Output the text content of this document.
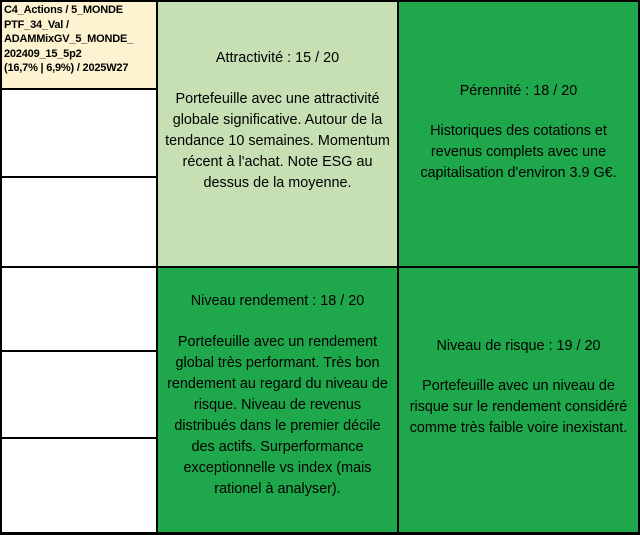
C4_Actions / 5_MONDE
PTF_34_Val /
ADAMMixGV_5_MONDE_
202409_15_5p2
(16,7% | 6,9%) / 2025W27

Attractivité : 15 / 20

Portefeuille avec une attractivité globale significative. Autour de la tendance 10 semaines. Momentum récent à l'achat. Note ESG au dessus de la moyenne.

Pérennité : 18 / 20

Historiques des cotations et revenus complets avec une capitalisation d'environ 3.9 G€.

Niveau rendement : 18 / 20

Portefeuille avec un rendement global très performant. Très bon rendement au regard du niveau de risque. Niveau de revenus distribués dans le premier décile des actifs. Surperformance exceptionnelle vs index (mais rationel à analyser).

Niveau de risque : 19 / 20

Portefeuille avec un niveau de risque sur le rendement considéré comme très faible voire inexistant.
